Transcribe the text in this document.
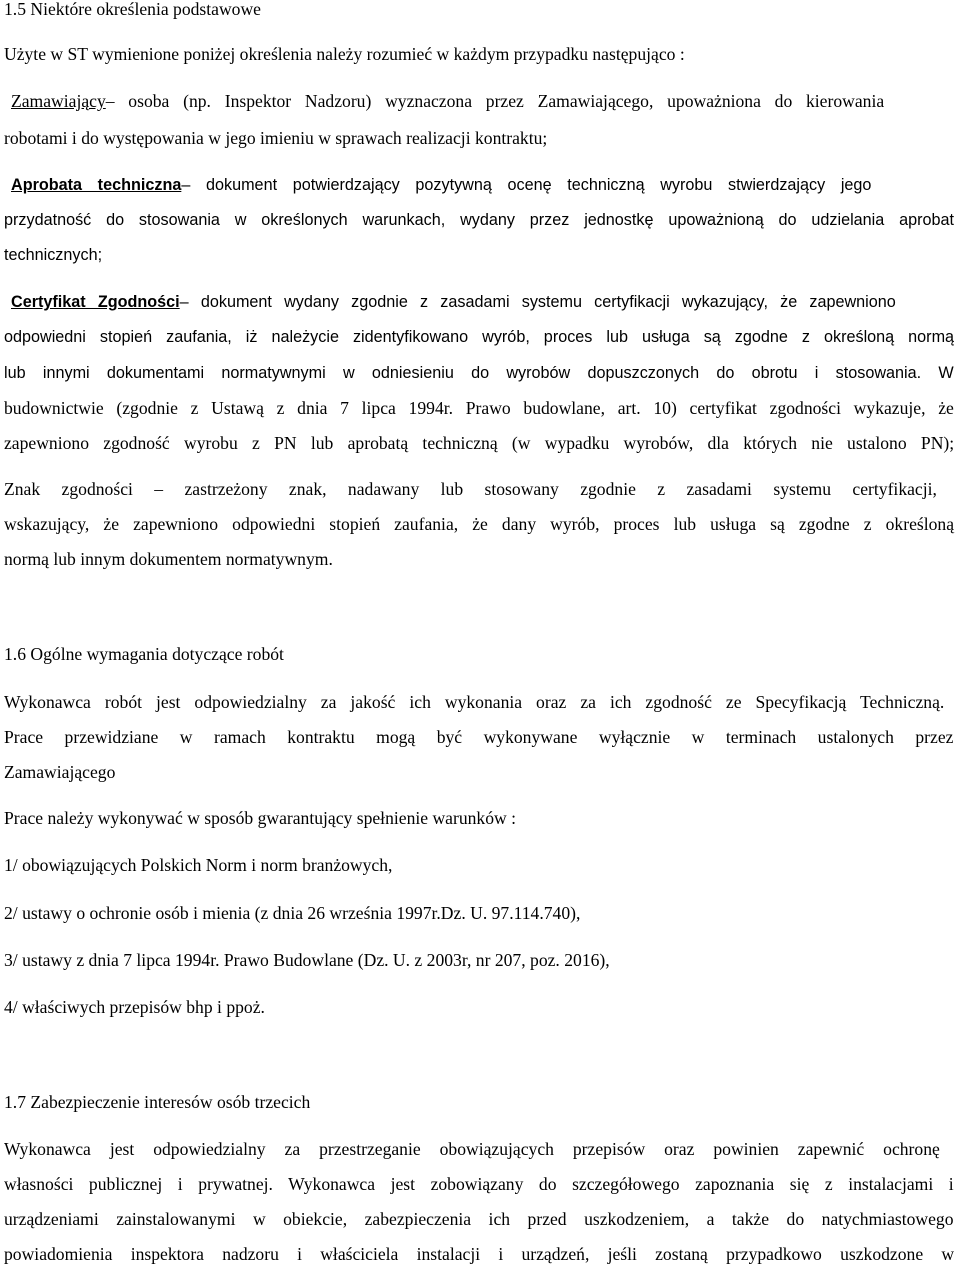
1.5 Niektóre określenia podstawowe
Użyte w ST wymienione poniżej określenia należy rozumieć w każdym przypadku następująco :
Zamawiający – osoba (np. Inspektor Nadzoru) wyznaczona przez Zamawiającego, upoważniona do kierowania
robotami i do występowania w jego imieniu w sprawach realizacji kontraktu;
Aprobata techniczna – dokument potwierdzający pozytywną ocenę techniczną wyrobu stwierdzający jego
przydatność do stosowania w określonych warunkach, wydany przez jednostkę upoważnioną do udzielania aprobat
technicznych;
Certyfikat Zgodności – dokument wydany zgodnie z zasadami systemu certyfikacji wykazujący, że zapewniono
odpowiedni stopień zaufania, iż należycie zidentyfikowano wyrób, proces lub usługa są zgodne z określoną normą
lub innymi dokumentami normatywnymi w odniesieniu do wyrobów dopuszczonych do obrotu i stosowania. W
budownictwie (zgodnie z Ustawą z dnia 7 lipca 1994r. Prawo budowlane, art. 10) certyfikat zgodności wykazuje, że
zapewniono zgodność wyrobu z PN lub aprobatą techniczną (w wypadku wyrobów, dla których nie ustalono PN);
Znak zgodności – zastrzeżony znak, nadawany lub stosowany zgodnie z zasadami systemu certyfikacji,
wskazujący, że zapewniono odpowiedni stopień zaufania, że dany wyrób, proces lub usługa są zgodne z określoną
normą lub innym dokumentem normatywnym.
1.6 Ogólne wymagania dotyczące robót
Wykonawca robót jest odpowiedzialny za jakość ich wykonania oraz za ich zgodność ze Specyfikacją Techniczną.
Prace przewidziane w ramach kontraktu mogą być wykonywane wyłącznie w terminach ustalonych przez
Zamawiającego
Prace należy wykonywać w sposób gwarantujący spełnienie warunków :
1/ obowiązujących Polskich Norm i norm branżowych,
2/ ustawy o ochronie osób i mienia (z dnia 26 września 1997r.Dz. U. 97.114.740),
3/ ustawy z dnia 7 lipca 1994r. Prawo Budowlane (Dz. U. z 2003r, nr 207, poz. 2016),
4/ właściwych przepisów bhp i ppoż.
1.7 Zabezpieczenie interesów osób trzecich
Wykonawca jest odpowiedzialny za przestrzeganie obowiązujących przepisów oraz powinien zapewnić ochronę
własności publicznej i prywatnej. Wykonawca jest zobowiązany do szczegółowego zapoznania się z instalacjami i
urządzeniami zainstalowanymi w obiekcie, zabezpieczenia ich przed uszkodzeniem, a także do natychmiastowego
powiadomienia inspektora nadzoru i właściciela instalacji i urządzeń, jeśli zostaną przypadkowo uszkodzone w
